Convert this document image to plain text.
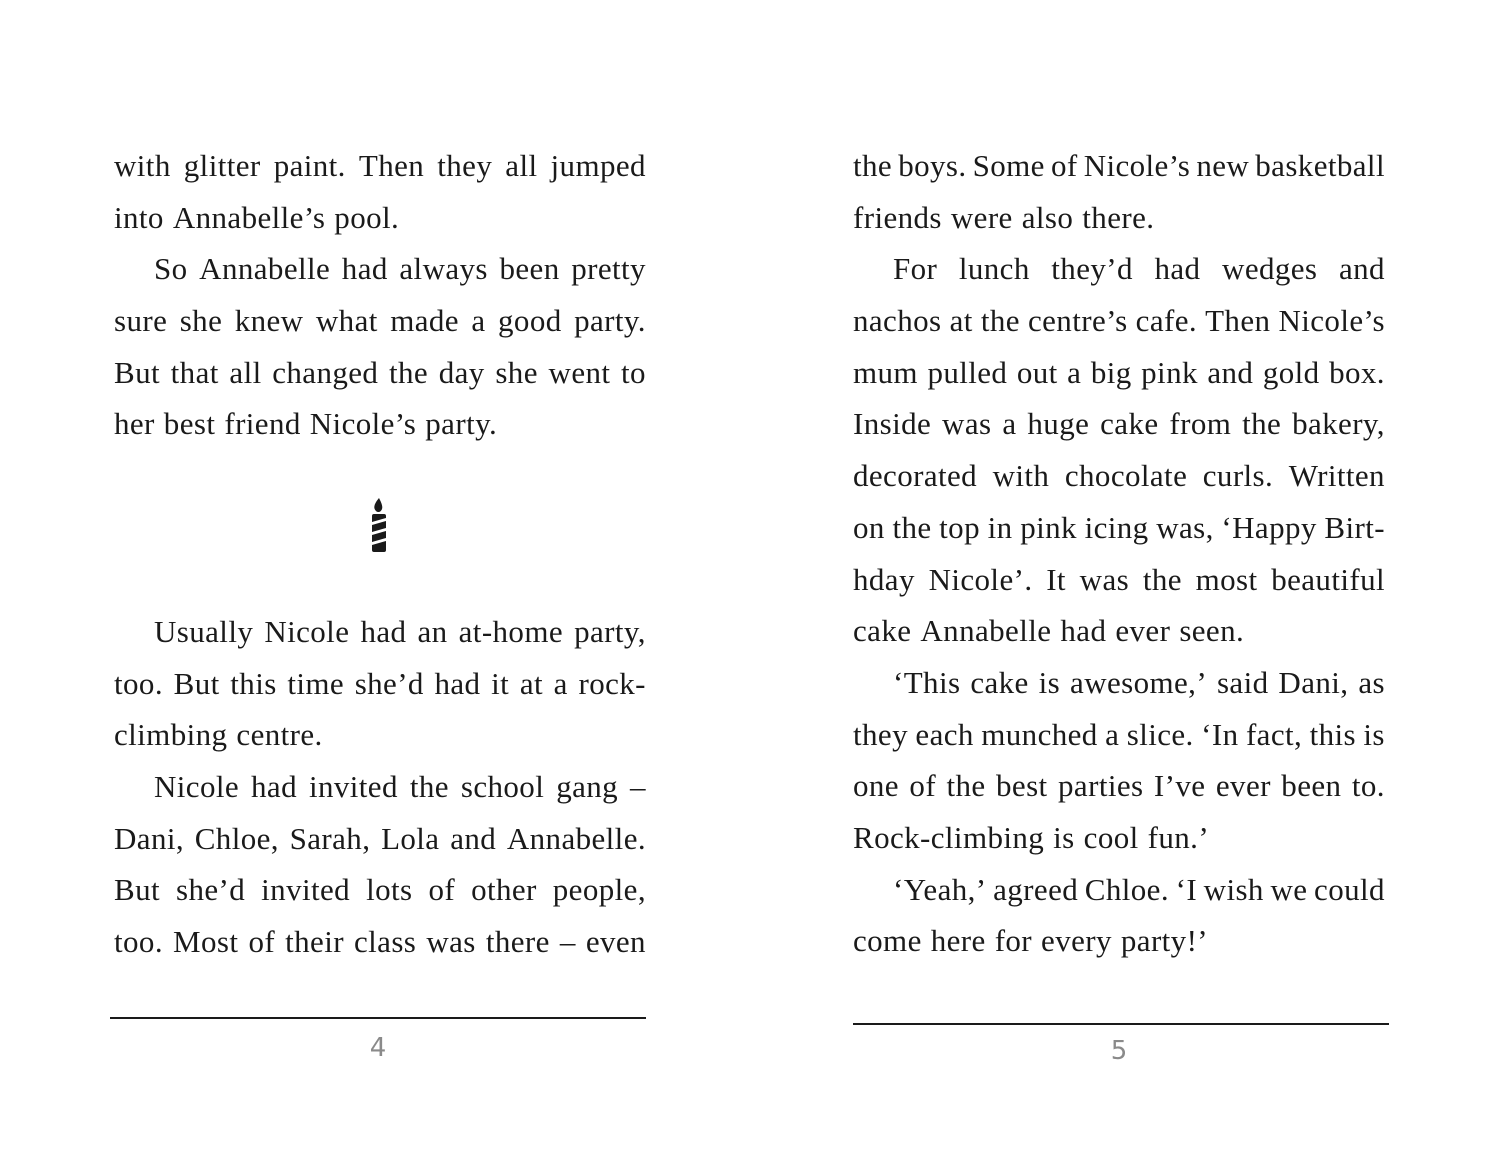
with glitter paint. Then they all jumped
into Annabelle’s pool.
So Annabelle had always been pretty
sure she knew what made a good party.
But that all changed the day she went to
her best friend Nicole’s party.
Usually Nicole had an at-home party,
too. But this time she’d had it at a rock-
climbing centre.
Nicole had invited the school gang –
Dani, Chloe, Sarah, Lola and Annabelle.
But she’d invited lots of other people,
too. Most of their class was there – even
4
the boys. Some of Nicole’s new basketball
friends were also there.
For lunch they’d had wedges and
nachos at the centre’s cafe. Then Nicole’s
mum pulled out a big pink and gold box.
Inside was a huge cake from the bakery,
decorated with chocolate curls. Written
on the top in pink icing was, ‘Happy Birt-
hday Nicole’. It was the most beautiful
cake Annabelle had ever seen.
‘This cake is awesome,’ said Dani, as
they each munched a slice. ‘In fact, this is
one of the best parties I’ve ever been to.
Rock-climbing is cool fun.’
‘Yeah,’ agreed Chloe. ‘I wish we could
come here for every party!’
5
